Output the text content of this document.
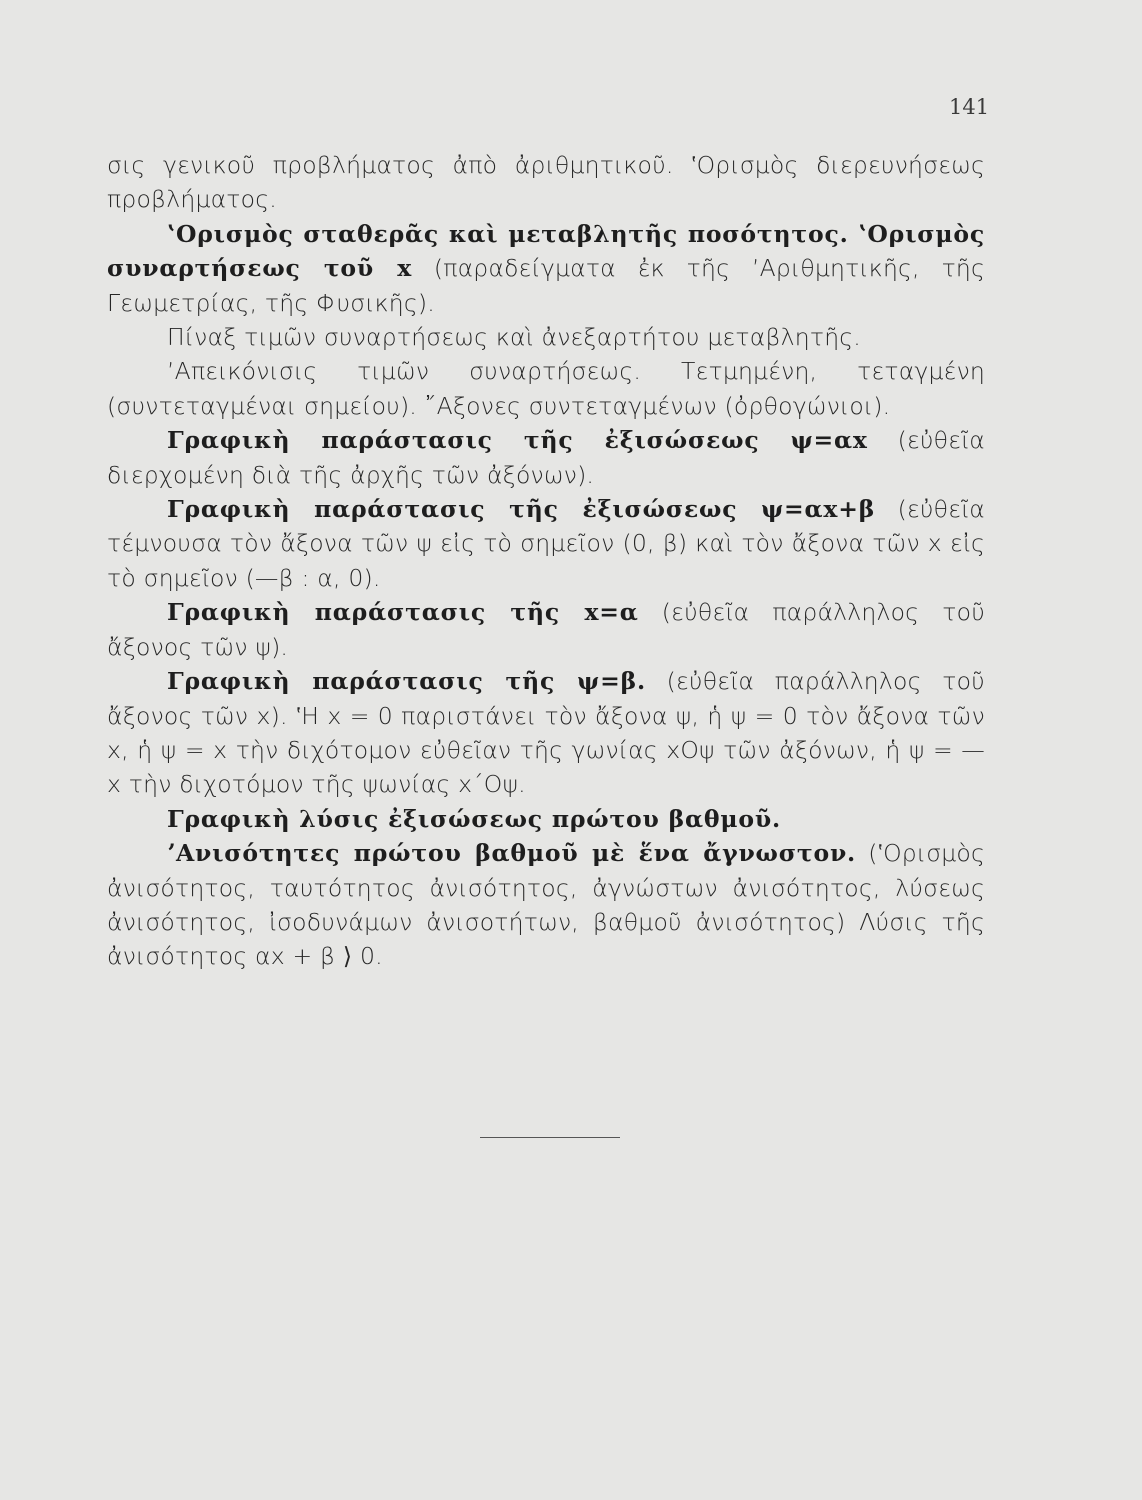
141

σις γενικοῦ προβλήματος ἀπὸ ἀριθμητικοῦ. ʽΟρισμὸς διερευνήσεως προβλήματος.

ʽΟρισμὸς σταθερᾶς καὶ μεταβλητῆς ποσότητος. ʽΟρισμὸς συναρτήσεως τοῦ x (παραδείγματα ἐκ τῆς ʼΑριθμητικῆς, τῆς Γεωμετρίας, τῆς Φυσικῆς).

Πίναξ τιμῶν συναρτήσεως καὶ ἀνεξαρτήτου μεταβλητῆς.

ʼΑπεικόνισις τιμῶν συναρτήσεως. Τετμημένη, τεταγμένη (συντεταγμέναι σημείου). ῎Αξονες συντεταγμένων (ὀρθογώνιοι).

Γραφικὴ παράστασις τῆς ἐξισώσεως ψ=αx (εὐθεῖα διερχομένη διὰ τῆς ἀρχῆς τῶν ἀξόνων).

Γραφικὴ παράστασις τῆς ἐξισώσεως ψ=αx+β (εὐθεῖα τέμνουσα τὸν ἄξονα τῶν ψ εἰς τὸ σημεῖον (0, β) καὶ τὸν ἄξονα τῶν x εἰς τὸ σημεῖον (—β : α, 0).

Γραφικὴ παράστασις τῆς x=α (εὐθεῖα παράλληλος τοῦ ἄξονος τῶν ψ).

Γραφικὴ παράστασις τῆς ψ=β. (εὐθεῖα παράλληλος τοῦ ἄξονος τῶν x). ʽΗ x = 0 παριστάνει τὸν ἄξονα ψ, ἡ ψ = 0 τὸν ἄξονα τῶν x, ἡ ψ = x τὴν διχότομον εὐθεῖαν τῆς γωνίας xOψ τῶν ἀξόνων, ἡ ψ = —x τὴν διχοτόμον τῆς ψωνίας x΄Oψ.

Γραφικὴ λύσις ἐξισώσεως πρώτου βαθμοῦ.

ʼΑνισότητες πρώτου βαθμοῦ μὲ ἕνα ἄγνωστον. (ʽΟρισμὸς ἀνισότητος, ταυτότητος ἀνισότητος, ἀγνώστων ἀνισότητος, λύσεως ἀνισότητος, ἰσοδυνάμων ἀνισοτήτων, βαθμοῦ ἀνισότητος) Λύσις τῆς ἀνισότητος αx + β ⟩ 0.
